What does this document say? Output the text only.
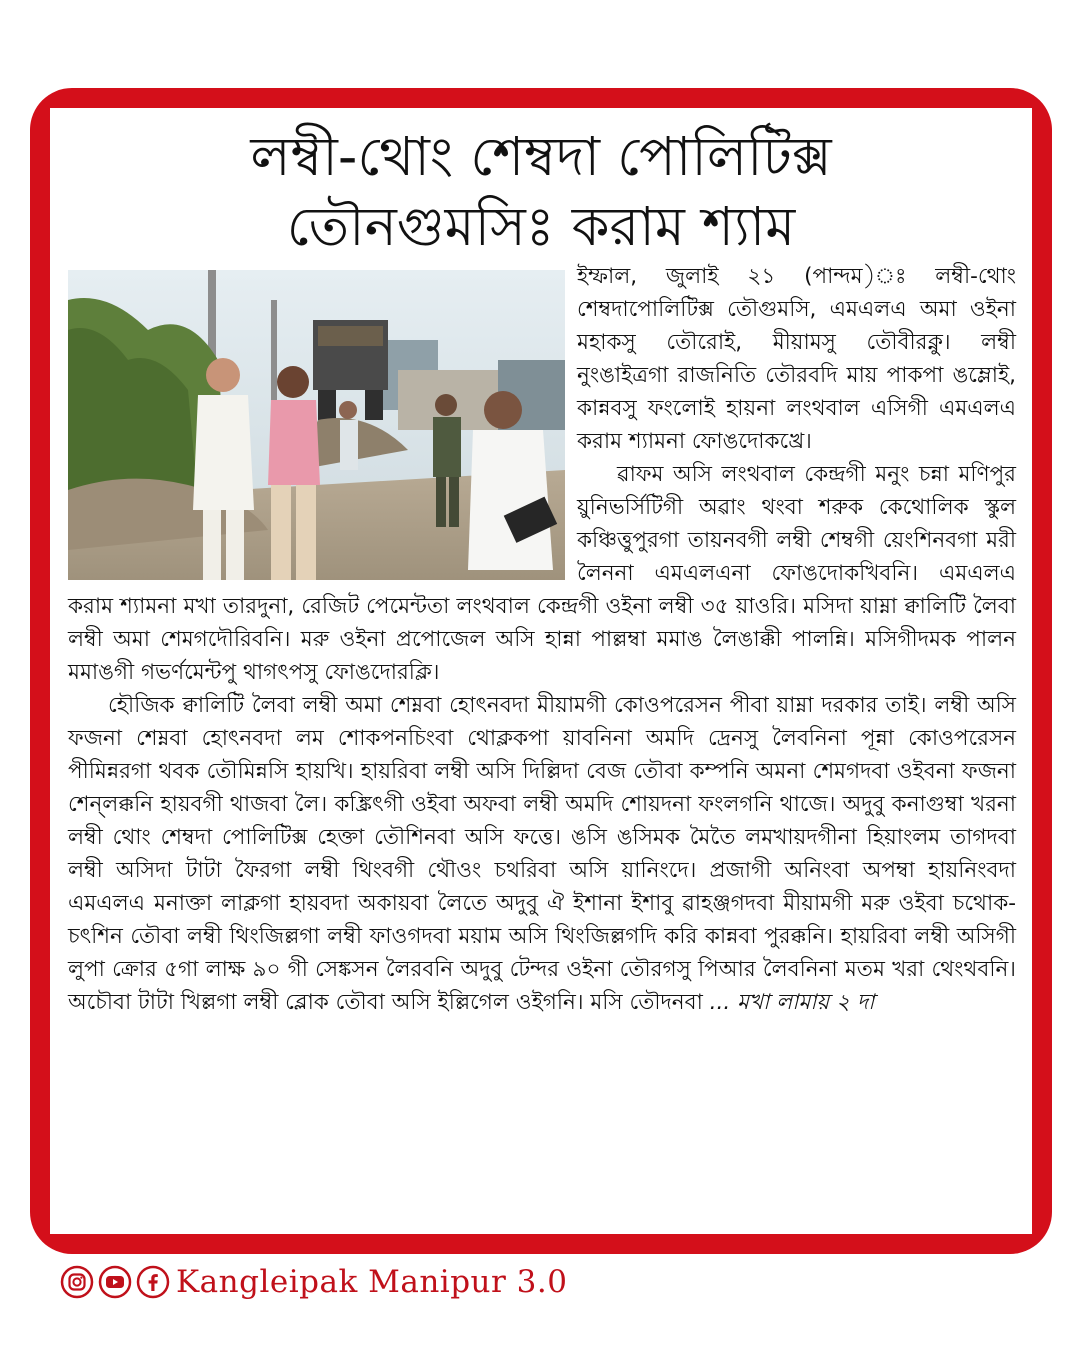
লম্বী-থোং শেম্বদা পোলিটিক্স
তৌনগুমসিঃ করাম শ্যাম

ইম্ফাল, জুলাই ২১ (পান্দম)ঃ লম্বী-থোং শেম্বদাপোলিটিক্স তৌগুমসি, এমএলএ অমা ওইনা মহাকসু তৌরোই, মীয়ামসু তৌবীরক্নু। লম্বী নুংঙাইত্রগা রাজনিতি তৌরবদি মায় পাকপা ঙম্লোই, কান্নবসু ফংলোই হায়না লংথবাল এসিগী এমএলএ করাম শ্যামনা ফোঙদোকখ্রে।

ৱাফম অসি লংথবাল কেন্দ্রগী মনুং চন্না মণিপুর য়ুনিভর্সিটিগী অৱাং থংবা শরুক কেথোলিক স্কুল কঞ্চিত্তুপুরগা তায়নবগী লম্বী শেম্বগী য়েংশিনবগা মরী লৈননা এমএলএনা ফোঙদোকখিবনি। এমএলএ করাম শ্যামনা মখা তারদুনা, রেজিট পেমেন্টতা লংথবাল কেন্দ্রগী ওইনা লম্বী ৩৫ য়াওরি। মসিদা য়াম্না ক্বালিটি লৈবা লম্বী অমা শেমগদৌরিবনি। মরু ওইনা প্রপোজেল অসি হান্না পাল্লম্বা মমাঙ লৈঙাক্কী পালন্নি। মসিগীদমক পালন মমাঙগী গভর্ণমেন্টপু থাগৎপসু ফোঙদোরক্লি।

হৌজিক ক্বালিটি লৈবা লম্বী অমা শেম্নবা হোৎনবদা মীয়ামগী কোওপরেসন পীবা য়াম্না দরকার তাই। লম্বী অসি ফজনা শেম্নবা হোৎনবদা লম শোকপনচিংবা থোক্লকপা য়াবনিনা অমদি দ্রেনসু লৈবনিনা পূন্না কোওপরেসন পীমিন্নরগা থবক তৌমিন্নসি হায়খি। হায়রিবা লম্বী অসি দিল্লিদা বেজ তৌবা কম্পনি অমনা শেমগদবা ওইবনা ফজনা শেন্লক্কনি হায়বগী থাজবা লৈ। কঙ্ক্রিৎগী ওইবা অফবা লম্বী অমদি শোয়দনা ফংলগনি থাজে। অদুবু কনাগুম্বা খরনা লম্বী থোং শেম্বদা পোলিটিক্স হেক্তা তৌশিনবা অসি ফত্তে। ঙসি ঙসিমক মৈতৈ লমখায়দগীনা হিয়াংলম তাগদবা লম্বী অসিদা টাটা ফৈরগা লম্বী থিংবগী থৌওং চথরিবা অসি য়ানিংদে। প্রজাগী অনিংবা অপম্বা হায়নিংবদা এমএলএ মনাক্তা লাক্লগা হায়বদা অকায়বা লৈতে অদুবু ঐ ইশানা ইশাবু ৱাহঞ্জগদবা মীয়ামগী মরু ওইবা চথোক-চৎশিন তৌবা লম্বী থিংজিল্লগা লম্বী ফাওগদবা ময়াম অসি থিংজিল্লগদি করি কান্নবা পুরক্কনি। হায়রিবা লম্বী অসিগী লুপা ক্রোর ৫গা লাক্ষ ৯০ গী সেঙ্কসন লৈরবনি অদুবু টেন্দর ওইনা তৌরগসু পিআর লৈবনিনা মতম খরা থেংথবনি। অচৌবা টাটা খিল্লগা লম্বী ব্লোক তৌবা অসি ইল্লিগেল ওইগনি। মসি তৌদনবা ... মখা লামায় ২ দা

Kangleipak Manipur 3.0
